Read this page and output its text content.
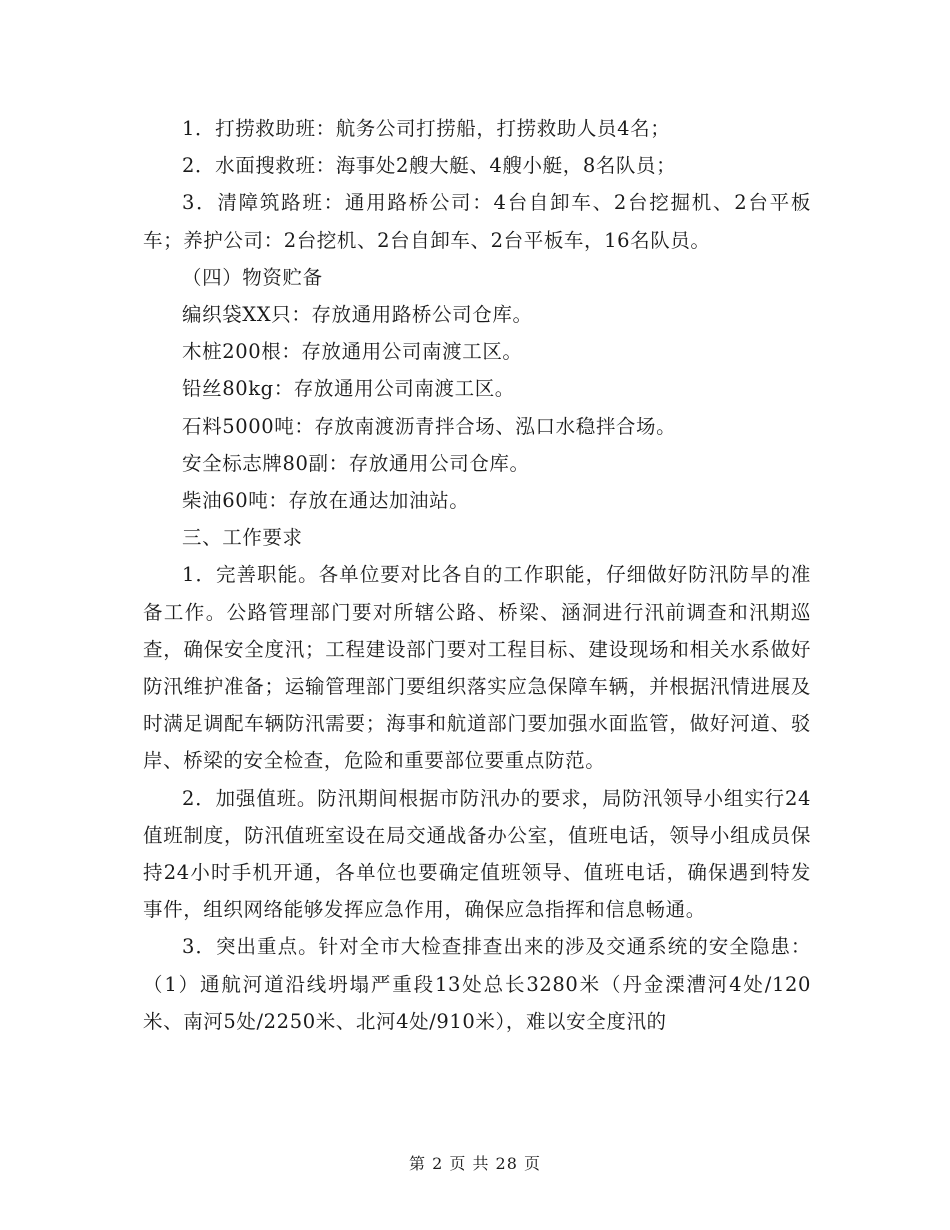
1．打捞救助班：航务公司打捞船，打捞救助人员4名；

2．水面搜救班：海事处2艘大艇、4艘小艇，8名队员；

3．清障筑路班：通用路桥公司：4台自卸车、2台挖掘机、2台平板车；养护公司：2台挖机、2台自卸车、2台平板车，16名队员。

（四）物资贮备

编织袋XX只：存放通用路桥公司仓库。

木桩200根：存放通用公司南渡工区。

铅丝80kg：存放通用公司南渡工区。

石料5000吨：存放南渡沥青拌合场、泓口水稳拌合场。

安全标志牌80副：存放通用公司仓库。

柴油60吨：存放在通达加油站。

三、工作要求

1．完善职能。各单位要对比各自的工作职能，仔细做好防汛防旱的准备工作。公路管理部门要对所辖公路、桥梁、涵洞进行汛前调查和汛期巡查，确保安全度汛；工程建设部门要对工程目标、建设现场和相关水系做好防汛维护准备；运输管理部门要组织落实应急保障车辆，并根据汛情进展及时满足调配车辆防汛需要；海事和航道部门要加强水面监管，做好河道、驳岸、桥梁的安全检查，危险和重要部位要重点防范。

2．加强值班。防汛期间根据市防汛办的要求，局防汛领导小组实行24值班制度，防汛值班室设在局交通战备办公室，值班电话，领导小组成员保持24小时手机开通，各单位也要确定值班领导、值班电话，确保遇到特发事件，组织网络能够发挥应急作用，确保应急指挥和信息畅通。

3．突出重点。针对全市大检查排查出来的涉及交通系统的安全隐患：（1）通航河道沿线坍塌严重段13处总长3280米（丹金溧漕河4处/120米、南河5处/2250米、北河4处/910米），难以安全度汛的

第 2 页 共 28 页
